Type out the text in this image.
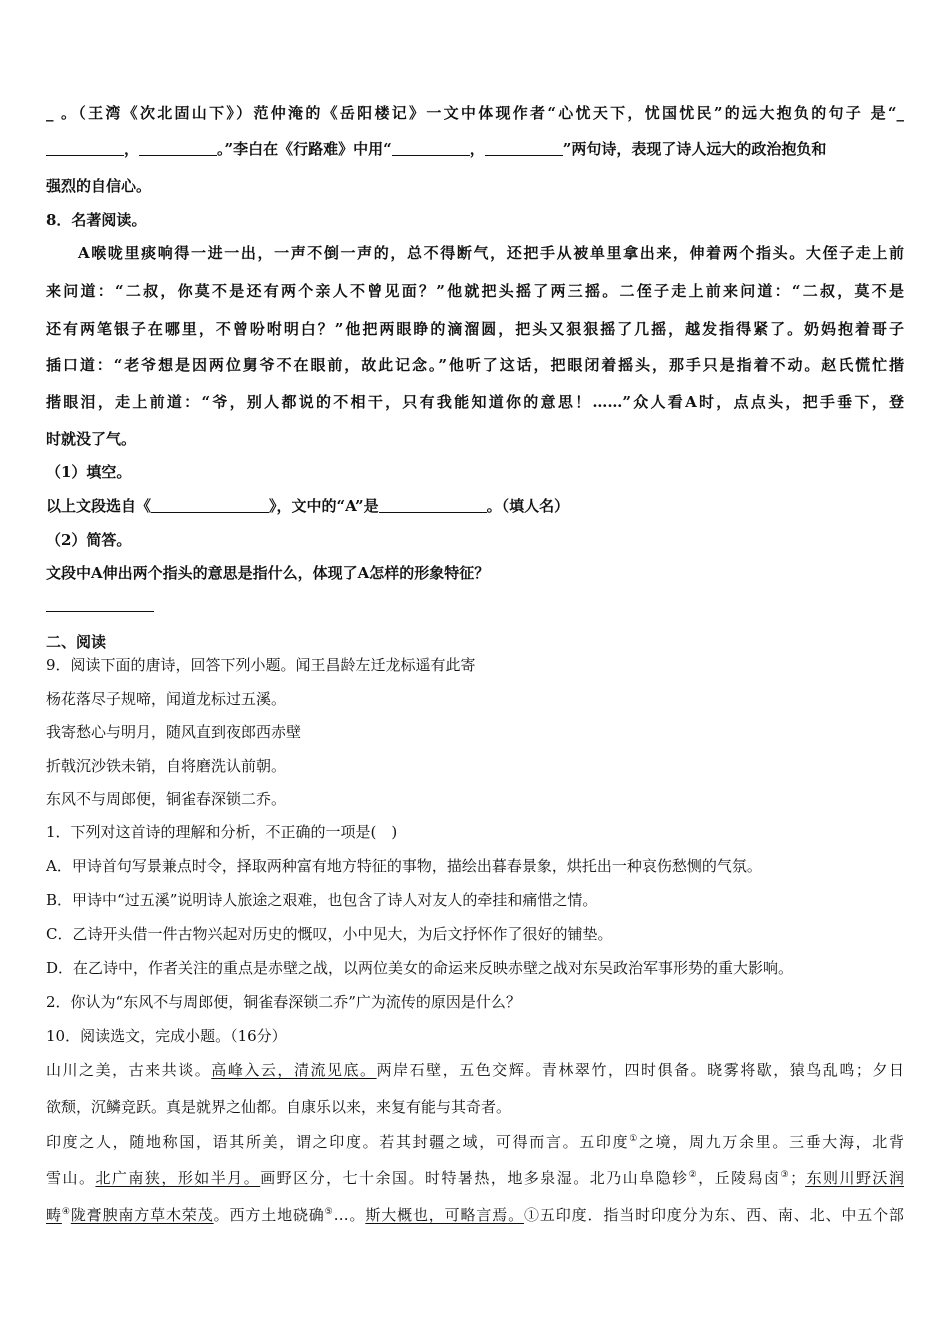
_ 。（王湾《次北固山下》）范仲淹的《岳阳楼记》一文中体现作者“心忧天下，忧国忧民”的远大抱负的句子 是“_
，	。”李白在《行路难》中用“	，	”两句诗，表现了诗人远大的政治抱负和
强烈的自信心。
8．名著阅读。
A喉咙里痰响得一进一出，一声不倒一声的，总不得断气，还把手从被单里拿出来，伸着两个指头。大侄子走上前
来问道：“二叔，你莫不是还有两个亲人不曾见面？”他就把头摇了两三摇。二侄子走上前来问道：“二叔，莫不是
还有两笔银子在哪里，不曾吩咐明白？”他把两眼睁的滴溜圆，把头又狠狠摇了几摇，越发指得紧了。奶妈抱着哥子
插口道：“老爷想是因两位舅爷不在眼前，故此记念。”他听了这话，把眼闭着摇头，那手只是指着不动。赵氏慌忙揩
揩眼泪，走上前道：“爷，别人都说的不相干，只有我能知道你的意思！……”众人看A时，点点头，把手垂下，登
时就没了气。
（1）填空。
以上文段选自《	》，文中的“A”是	。（填人名）
（2）简答。
文段中A伸出两个指头的意思是指什么，体现了A怎样的形象特征？
二、阅读
9．阅读下面的唐诗，回答下列小题。闻王昌龄左迁龙标遥有此寄
杨花落尽子规啼，闻道龙标过五溪。
我寄愁心与明月，随风直到夜郎西赤壁
折戟沉沙铁未销，自将磨洗认前朝。
东风不与周郎便，铜雀春深锁二乔。
1．下列对这首诗的理解和分析，不正确的一项是(　)
A．甲诗首句写景兼点时令，择取两种富有地方特征的事物，描绘出暮春景象，烘托出一种哀伤愁恻的气氛。
B．甲诗中“过五溪”说明诗人旅途之艰难，也包含了诗人对友人的牵挂和痛惜之情。
C．乙诗开头借一件古物兴起对历史的慨叹，小中见大，为后文抒怀作了很好的铺垫。
D．在乙诗中，作者关注的重点是赤壁之战，以两位美女的命运来反映赤壁之战对东吴政治军事形势的重大影响。
2．你认为“东风不与周郎便，铜雀春深锁二乔”广为流传的原因是什么？
10．阅读选文，完成小题。（16分）
山川之美，古来共谈。高峰入云，清流见底。两岸石壁，五色交辉。青林翠竹，四时俱备。晓雾将歇，猿鸟乱鸣；夕日
欲颓，沉鳞竞跃。真是就界之仙都。自康乐以来，来复有能与其奇者。
印度之人，随地称国，语其所美，谓之印度。若其封疆之域，可得而言。五印度①之境，周九万余里。三垂大海，北背
雪山。北广南狭，形如半月。画野区分，七十余国。时特暑热，地多泉湿。北乃山阜隐轸②，丘陵舄卤③；东则川野沃润
畴④陇膏腴南方草木荣茂。西方土地硗确⑤…。斯大概也，可略言焉。①五印度．指当时印度分为东、西、南、北、中五个部
